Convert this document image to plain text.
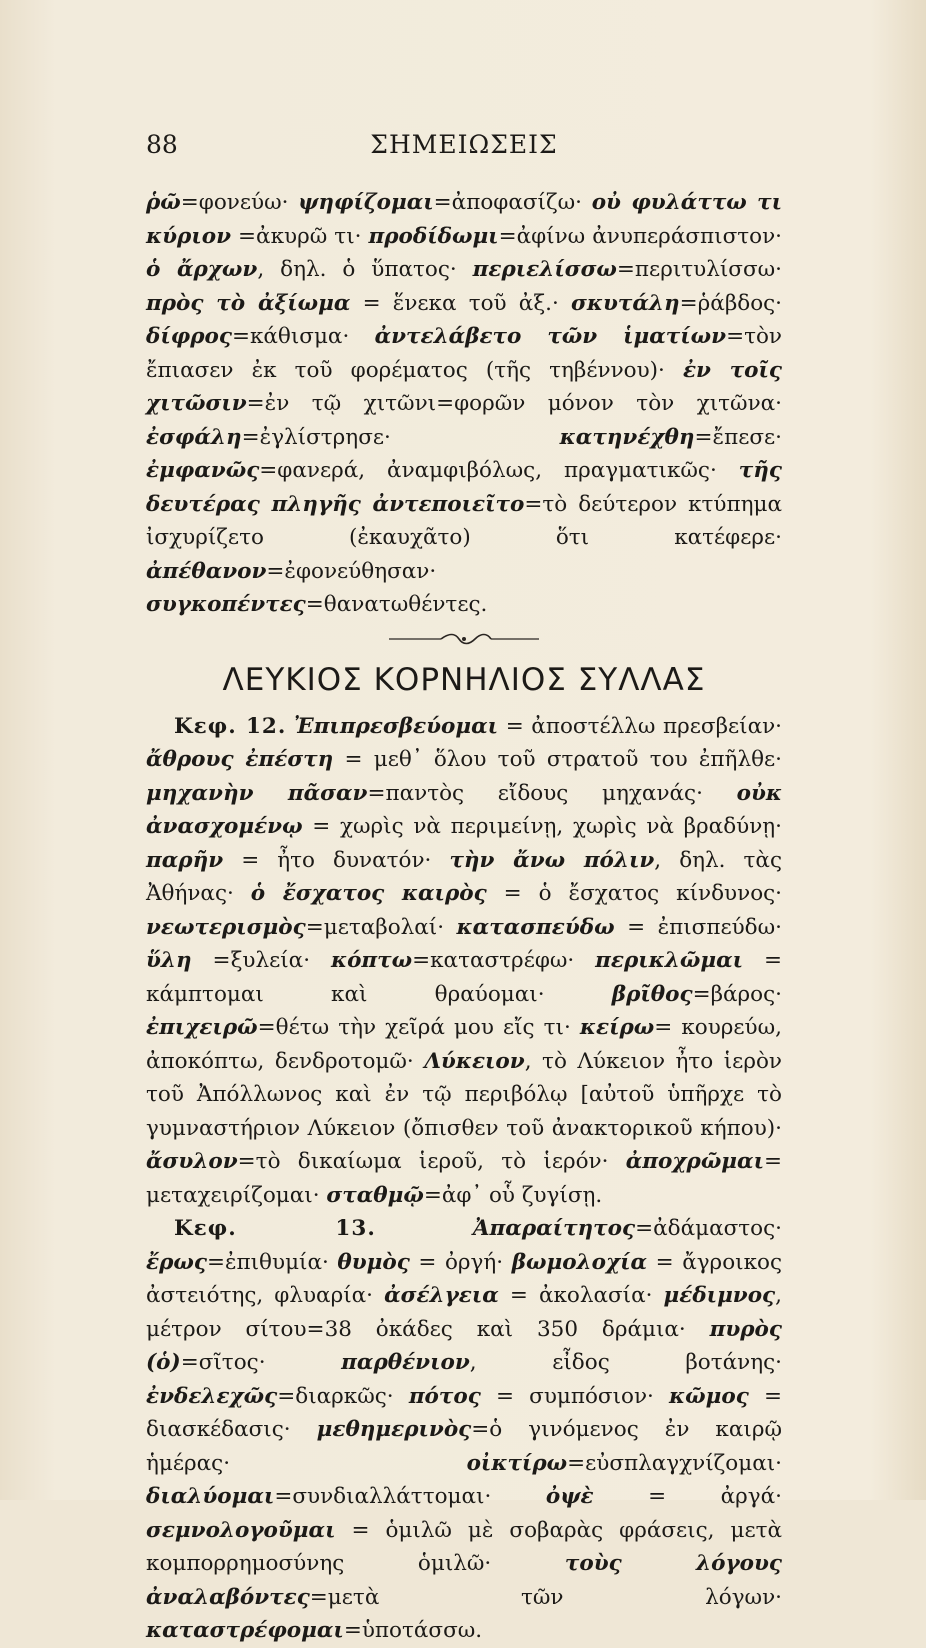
88	ΣΗΜΕΙΩΣΕΙΣ

ῥῶ=φονεύω· ψηφίζομαι=ἀποφασίζω· οὐ φυλάττω τι κύριον =ἀκυρῶ τι· προδίδωμι=ἀφίνω ἀνυπεράσπιστον· ὁ ἄρχων, δηλ. ὁ ὕπατος· περιελίσσω=περιτυλίσσω· πρὸς τὸ ἀξίωμα = ἕνεκα τοῦ ἀξ.· σκυτάλη=ῥάβδος· δίφρος=κάθισμα· ἀντελάβετο τῶν ἱματίων=τὸν ἔπιασεν ἐκ τοῦ φορέματος (τῆς τηβέννου)· ἐν τοῖς χιτῶσιν=ἐν τῷ χιτῶνι=φορῶν μόνον τὸν χιτῶνα· ἐσφάλη=ἐγλίστρησε· κατηνέχθη=ἔπεσε· ἐμφανῶς=φανερά, ἀναμφιβόλως, πραγματικῶς· τῆς δευτέρας πληγῆς ἀντεποιεῖτο=τὸ δεύτερον κτύπημα ἰσχυρίζετο (ἐκαυχᾶτο) ὅτι κατέφερε· ἀπέθανον=ἐφονεύθησαν· συγκοπέντες=θανατωθέντες.

ΛΕΥΚΙΟΣ ΚΟΡΝΗΛΙΟΣ ΣΥΛΛΑΣ

Κεφ. 12. Ἐπιπρεσβεύομαι = ἀποστέλλω πρεσβείαν· ἄθρους ἐπέστη = μεθ᾽ ὅλου τοῦ στρατοῦ του ἐπῆλθε· μηχανὴν πᾶσαν=παντὸς εἴδους μηχανάς· οὐκ ἀνασχομένῳ = χωρὶς νὰ περιμείνῃ, χωρὶς νὰ βραδύνῃ· παρῆν = ἦτο δυνατόν· τὴν ἄνω πόλιν, δηλ. τὰς Ἀθήνας· ὁ ἔσχατος καιρὸς = ὁ ἔσχατος κίνδυνος· νεωτερισμὸς=μεταβολαί· κατασπεύδω = ἐπισπεύδω· ὕλη =ξυλεία· κόπτω=καταστρέφω· περικλῶμαι = κάμπτομαι καὶ θραύομαι· βρῖθος=βάρος· ἐπιχειρῶ=θέτω τὴν χεῖρά μου εἴς τι· κείρω= κουρεύω, ἀποκόπτω, δενδροτομῶ· Λύκειον, τὸ Λύκειον ἦτο ἱερὸν τοῦ Ἀπόλλωνος καὶ ἐν τῷ περιβόλῳ [αὐτοῦ ὑπῆρχε τὸ γυμναστήριον Λύκειον (ὄπισθεν τοῦ ἀνακτορικοῦ κήπου)· ἄσυλον=τὸ δικαίωμα ἱεροῦ, τὸ ἱερόν· ἀποχρῶμαι= μεταχειρίζομαι· σταθμῷ=ἀφ᾽ οὗ ζυγίσῃ.

Κεφ. 13.	Ἀπαραίτητος=ἀδάμαστος· ἔρως=ἐπιθυμία· θυμὸς = ὀργή· βωμολοχία = ἄγροικος ἀστειότης, φλυαρία· ἀσέλγεια = ἀκολασία· μέδιμνος, μέτρον σίτου=38 ὀκάδες καὶ 350 δράμια· πυρὸς (ὁ)=σῖτος· παρθένιον, εἶδος βοτάνης· ἐνδελεχῶς=διαρκῶς· πότος = συμπόσιον· κῶμος = διασκέδασις· μεθημερινὸς=ὁ γινόμενος ἐν καιρῷ ἡμέρας· οἰκτίρω=εὐσπλαγχνίζομαι· διαλύομαι=συνδιαλλάττομαι· ὀψὲ = ἀργά· σεμνολογοῦμαι = ὁμιλῶ μὲ σοβαρὰς φράσεις, μετὰ κομπορρημοσύνης ὁμιλῶ· τοὺς λόγους ἀναλαβόντες=μετὰ τῶν λόγων· καταστρέφομαι=ὑποτάσσω.
